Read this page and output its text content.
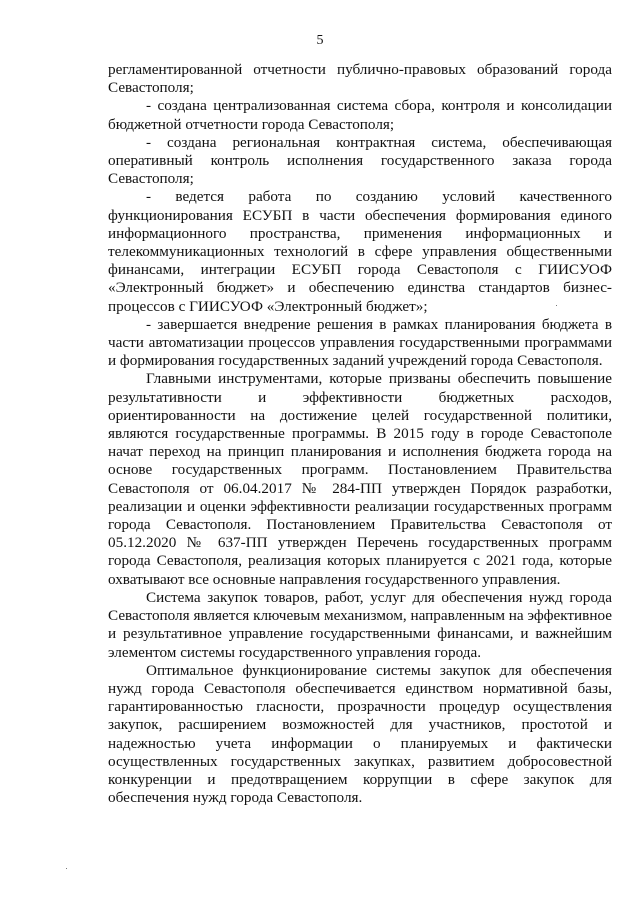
5

регламентированной отчетности публично-правовых образований города Севастополя;

- создана централизованная система сбора, контроля и консолидации бюджетной отчетности города Севастополя;

- создана региональная контрактная система, обеспечивающая оперативный контроль исполнения государственного заказа города Севастополя;

- ведется работа по созданию условий качественного функционирования ЕСУБП в части обеспечения формирования единого информационного пространства, применения информационных и телекоммуникационных технологий в сфере управления общественными финансами, интеграции ЕСУБП города Севастополя с ГИИСУОФ «Электронный бюджет» и обеспечению единства стандартов бизнес-процессов с ГИИСУОФ «Электронный бюджет»;

- завершается внедрение решения в рамках планирования бюджета в части автоматизации процессов управления государственными программами и формирования государственных заданий учреждений города Севастополя.

Главными инструментами, которые призваны обеспечить повышение результативности и эффективности бюджетных расходов, ориентированности на достижение целей государственной политики, являются государственные программы. В 2015 году в городе Севастополе начат переход на принцип планирования и исполнения бюджета города на основе государственных программ. Постановлением Правительства Севастополя от 06.04.2017 № 284-ПП утвержден Порядок разработки, реализации и оценки эффективности реализации государственных программ города Севастополя. Постановлением Правительства Севастополя от 05.12.2020 № 637-ПП утвержден Перечень государственных программ города Севастополя, реализация которых планируется с 2021 года, которые охватывают все основные направления государственного управления.

Система закупок товаров, работ, услуг для обеспечения нужд города Севастополя является ключевым механизмом, направленным на эффективное и результативное управление государственными финансами, и важнейшим элементом системы государственного управления города.

Оптимальное функционирование системы закупок для обеспечения нужд города Севастополя обеспечивается единством нормативной базы, гарантированностью гласности, прозрачности процедур осуществления закупок, расширением возможностей для участников, простотой и надежностью учета информации о планируемых и фактически осуществленных государственных закупках, развитием добросовестной конкуренции и предотвращением коррупции в сфере закупок для обеспечения нужд города Севастополя.
